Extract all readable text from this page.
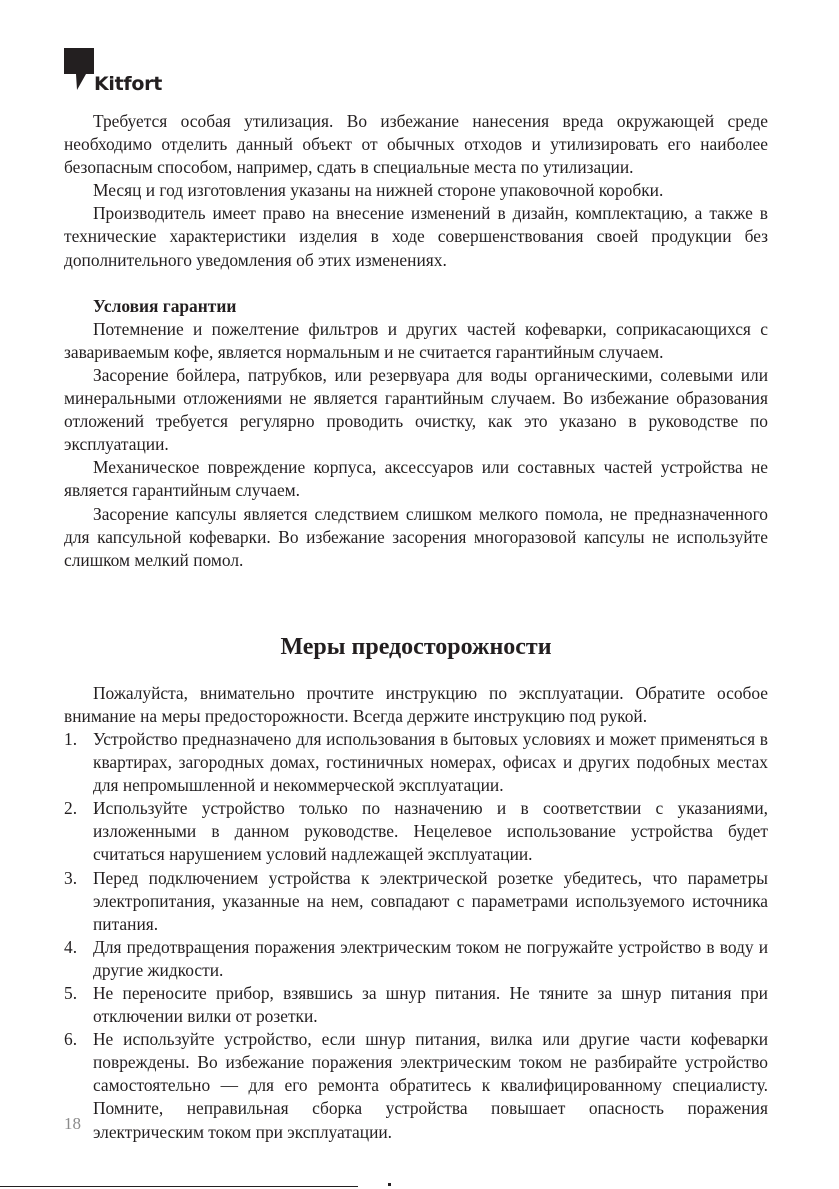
Kitfort

Требуется особая утилизация. Во избежание нанесения вреда окружающей среде необходимо отделить данный объект от обычных отходов и утилизировать его наиболее безопасным способом, например, сдать в специальные места по утилизации.

Месяц и год изготовления указаны на нижней стороне упаковочной коробки.

Производитель имеет право на внесение изменений в дизайн, комплектацию, а также в технические характеристики изделия в ходе совершенствования своей продукции без дополнительного уведомления об этих изменениях.

Условия гарантии

Потемнение и пожелтение фильтров и других частей кофеварки, соприкасающихся с завариваемым кофе, является нормальным и не считается гарантийным случаем.

Засорение бойлера, патрубков, или резервуара для воды органическими, солевыми или минеральными отложениями не является гарантийным случаем. Во избежание образования отложений требуется регулярно проводить очистку, как это указано в руководстве по эксплуатации.

Механическое повреждение корпуса, аксессуаров или составных частей устройства не является гарантийным случаем.

Засорение капсулы является следствием слишком мелкого помола, не предназначенного для капсульной кофеварки. Во избежание засорения многоразовой капсулы не используйте слишком мелкий помол.

Меры предосторожности

Пожалуйста, внимательно прочтите инструкцию по эксплуатации. Обратите особое внимание на меры предосторожности. Всегда держите инструкцию под рукой.

1. Устройство предназначено для использования в бытовых условиях и может применяться в квартирах, загородных домах, гостиничных номерах, офисах и других подобных местах для непромышленной и некоммерческой эксплуатации.
2. Используйте устройство только по назначению и в соответствии с указаниями, изложенными в данном руководстве. Нецелевое использование устройства будет считаться нарушением условий надлежащей эксплуатации.
3. Перед подключением устройства к электрической розетке убедитесь, что параметры электропитания, указанные на нем, совпадают с параметрами используемого источника питания.
4. Для предотвращения поражения электрическим током не погружайте устройство в воду и другие жидкости.
5. Не переносите прибор, взявшись за шнур питания. Не тяните за шнур питания при отключении вилки от розетки.
6. Не используйте устройство, если шнур питания, вилка или другие части кофеварки повреждены. Во избежание поражения электрическим током не разбирайте устройство самостоятельно — для его ремонта обратитесь к квалифицированному специалисту. Помните, неправильная сборка устройства повышает опасность поражения электрическим током при эксплуатации.
18
